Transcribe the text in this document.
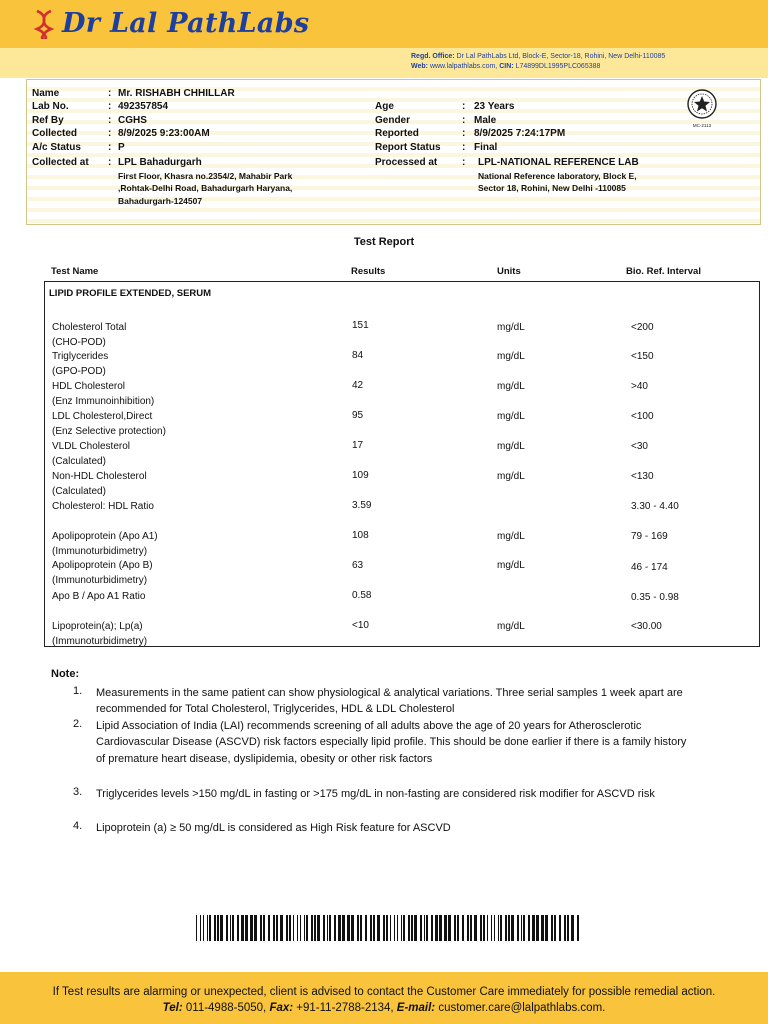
Dr Lal PathLabs
Regd. Office: Dr Lal PathLabs Ltd, Block-E, Sector-18, Rohini, New Delhi-110085
Web: www.lalpathlabs.com, CIN: L74899DL1995PLC065388
Name	: Mr. RISHABH CHHILLAR
Lab No.	: 492357854
Ref By	: CGHS
Collected	: 8/9/2025 9:23:00AM
A/c Status	: P
Collected at : LPL Bahadurgarh
First Floor, Khasra no.2354/2, Mahabir Park
,Rohtak-Delhi Road, Bahadurgarh Haryana,
Bahadurgarh-124507
Age	: 23 Years
Gender	: Male
Reported	: 8/9/2025 7:24:17PM
Report Status : Final
Processed at : LPL-NATIONAL REFERENCE LAB
National Reference laboratory, Block E,
Sector 18, Rohini, New Delhi -110085
MC-2113
Test Report
Test Name	Results	Units	Bio. Ref. Interval
LIPID PROFILE EXTENDED, SERUM
Cholesterol Total
(CHO-POD)
151	mg/dL	<200
Triglycerides
(GPO-POD)
84	mg/dL	<150
HDL Cholesterol
(Enz Immunoinhibition)
42	mg/dL	>40
LDL Cholesterol,Direct
(Enz Selective protection)
95	mg/dL	<100
VLDL Cholesterol
(Calculated)
17	mg/dL	<30
Non-HDL Cholesterol
(Calculated)
109	mg/dL	<130
Cholesterol: HDL Ratio	3.59	3.30 - 4.40
Apolipoprotein (Apo A1)
(Immunoturbidimetry)
108	mg/dL	79 - 169
Apolipoprotein (Apo B)
(Immunoturbidimetry)
63	mg/dL	46 - 174
Apo B / Apo A1 Ratio	0.58	0.35 - 0.98
Lipoprotein(a); Lp(a)
(Immunoturbidimetry)
<10	mg/dL	<30.00
Note:
1. Measurements in the same patient can show physiological & analytical variations. Three serial samples 1 week apart are recommended for Total Cholesterol, Triglycerides, HDL & LDL Cholesterol
2. Lipid Association of India (LAI) recommends screening of all adults above the age of 20 years for Atherosclerotic Cardiovascular Disease (ASCVD) risk factors especially lipid profile. This should be done earlier if there is a family history of premature heart disease, dyslipidemia, obesity or other risk factors
3. Triglycerides levels >150 mg/dL in fasting or >175 mg/dL in non-fasting are considered risk modifier for ASCVD risk
4. Lipoprotein (a) ≥ 50 mg/dL is considered as High Risk feature for ASCVD
If Test results are alarming or unexpected, client is advised to contact the Customer Care immediately for possible remedial action.
Tel: 011-4988-5050, Fax: +91-11-2788-2134, E-mail: customer.care@lalpathlabs.com.
